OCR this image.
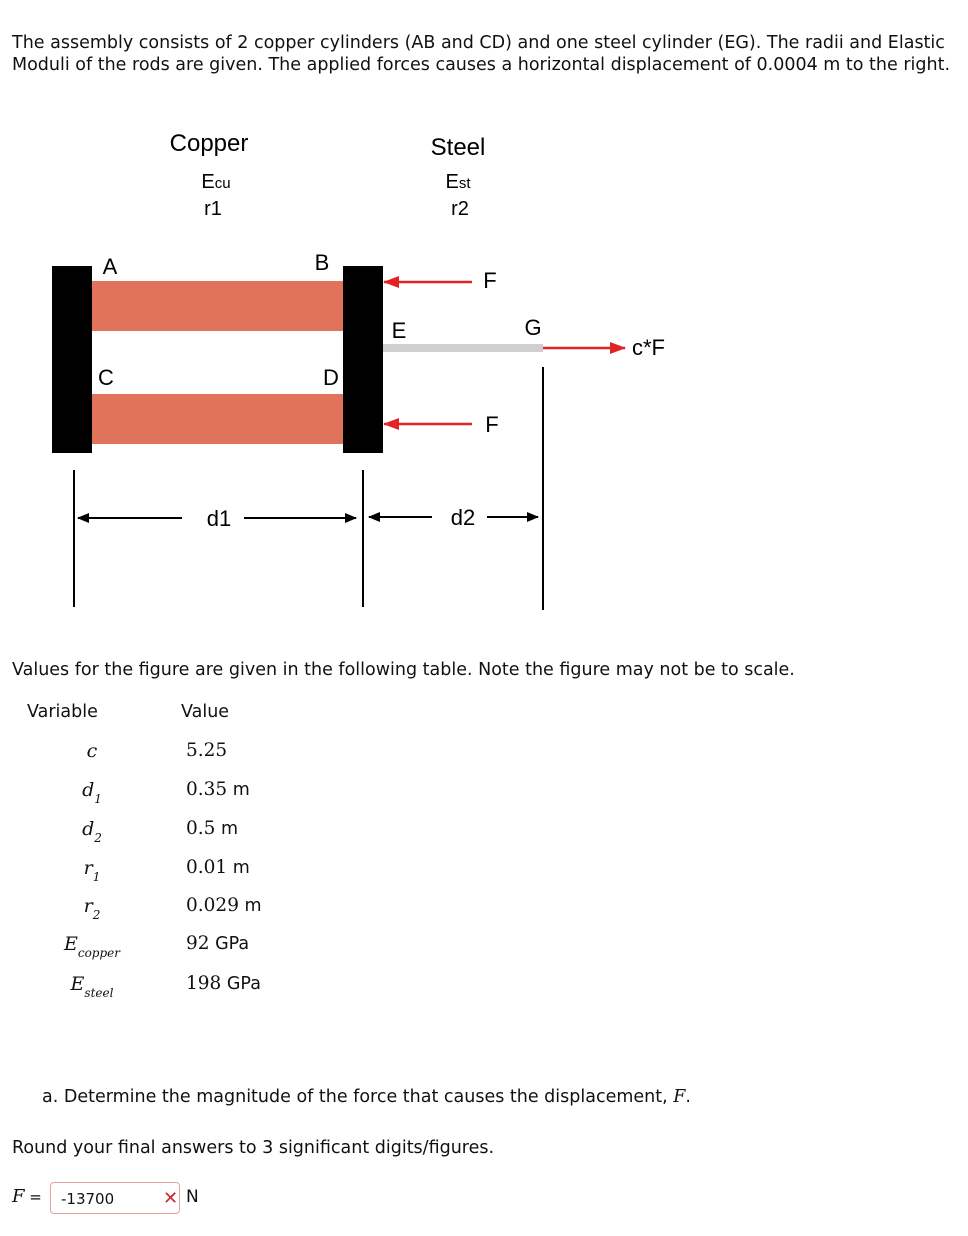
The assembly consists of 2 copper cylinders (AB and CD) and one steel cylinder (EG). The radii and Elastic Moduli of the rods are given. The applied forces causes a horizontal displacement of 0.0004 m to the right.
Copper
Ecu
r1
Steel
Est
r2
A	B
C	D
E	G
F
F
c*F
d1	d2
Values for the figure are given in the following table. Note the figure may not be to scale.
Variable	Value
c	5.25
$d_1$	0.35 m
$d_2$	0.5 m
$r_1$	0.01 m
$r_2$	0.029 m
$E_{copper}$	92 GPa
$E_{steel}$	198 GPa
a. Determine the magnitude of the force that causes the displacement, F.
Round your final answers to 3 significant digits/figures.
F =	-13700	✕ N
